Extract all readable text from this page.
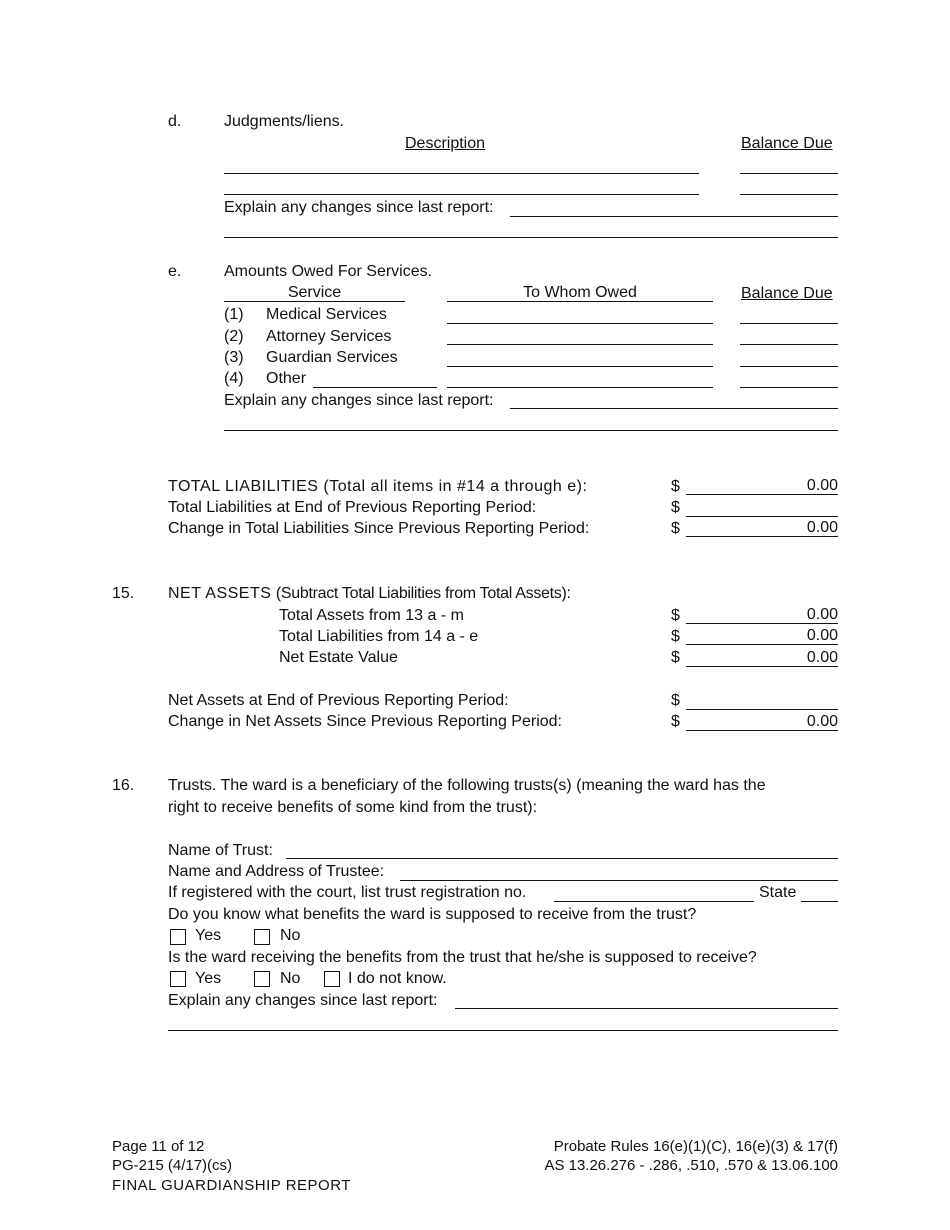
d.	Judgments/liens.
Description	Balance Due
Explain any changes since last report:
e.	Amounts Owed For Services.
Service	To Whom Owed	Balance Due
(1) Medical Services
(2) Attorney Services
(3) Guardian Services
(4) Other
Explain any changes since last report:
TOTAL LIABILITIES (Total all items in #14 a through e):	$	0.00
Total Liabilities at End of Previous Reporting Period:	$
Change in Total Liabilities Since Previous Reporting Period:	$	0.00
15. NET ASSETS (Subtract Total Liabilities from Total Assets):
Total Assets from 13 a - m	$	0.00
Total Liabilities from 14 a - e	$	0.00
Net Estate Value	$	0.00
Net Assets at End of Previous Reporting Period:	$
Change in Net Assets Since Previous Reporting Period:	$	0.00
16. Trusts. The ward is a beneficiary of the following trusts(s) (meaning the ward has the
right to receive benefits of some kind from the trust):
Name of Trust:
Name and Address of Trustee:
If registered with the court, list trust registration no.	State
Do you know what benefits the ward is supposed to receive from the trust?
Yes	No
Is the ward receiving the benefits from the trust that he/she is supposed to receive?
Yes	No	I do not know.
Explain any changes since last report:
Page 11 of 12
PG-215 (4/17)(cs)
FINAL GUARDIANSHIP REPORT
Probate Rules 16(e)(1)(C), 16(e)(3) & 17(f)
AS 13.26.276 - .286, .510, .570 & 13.06.100
